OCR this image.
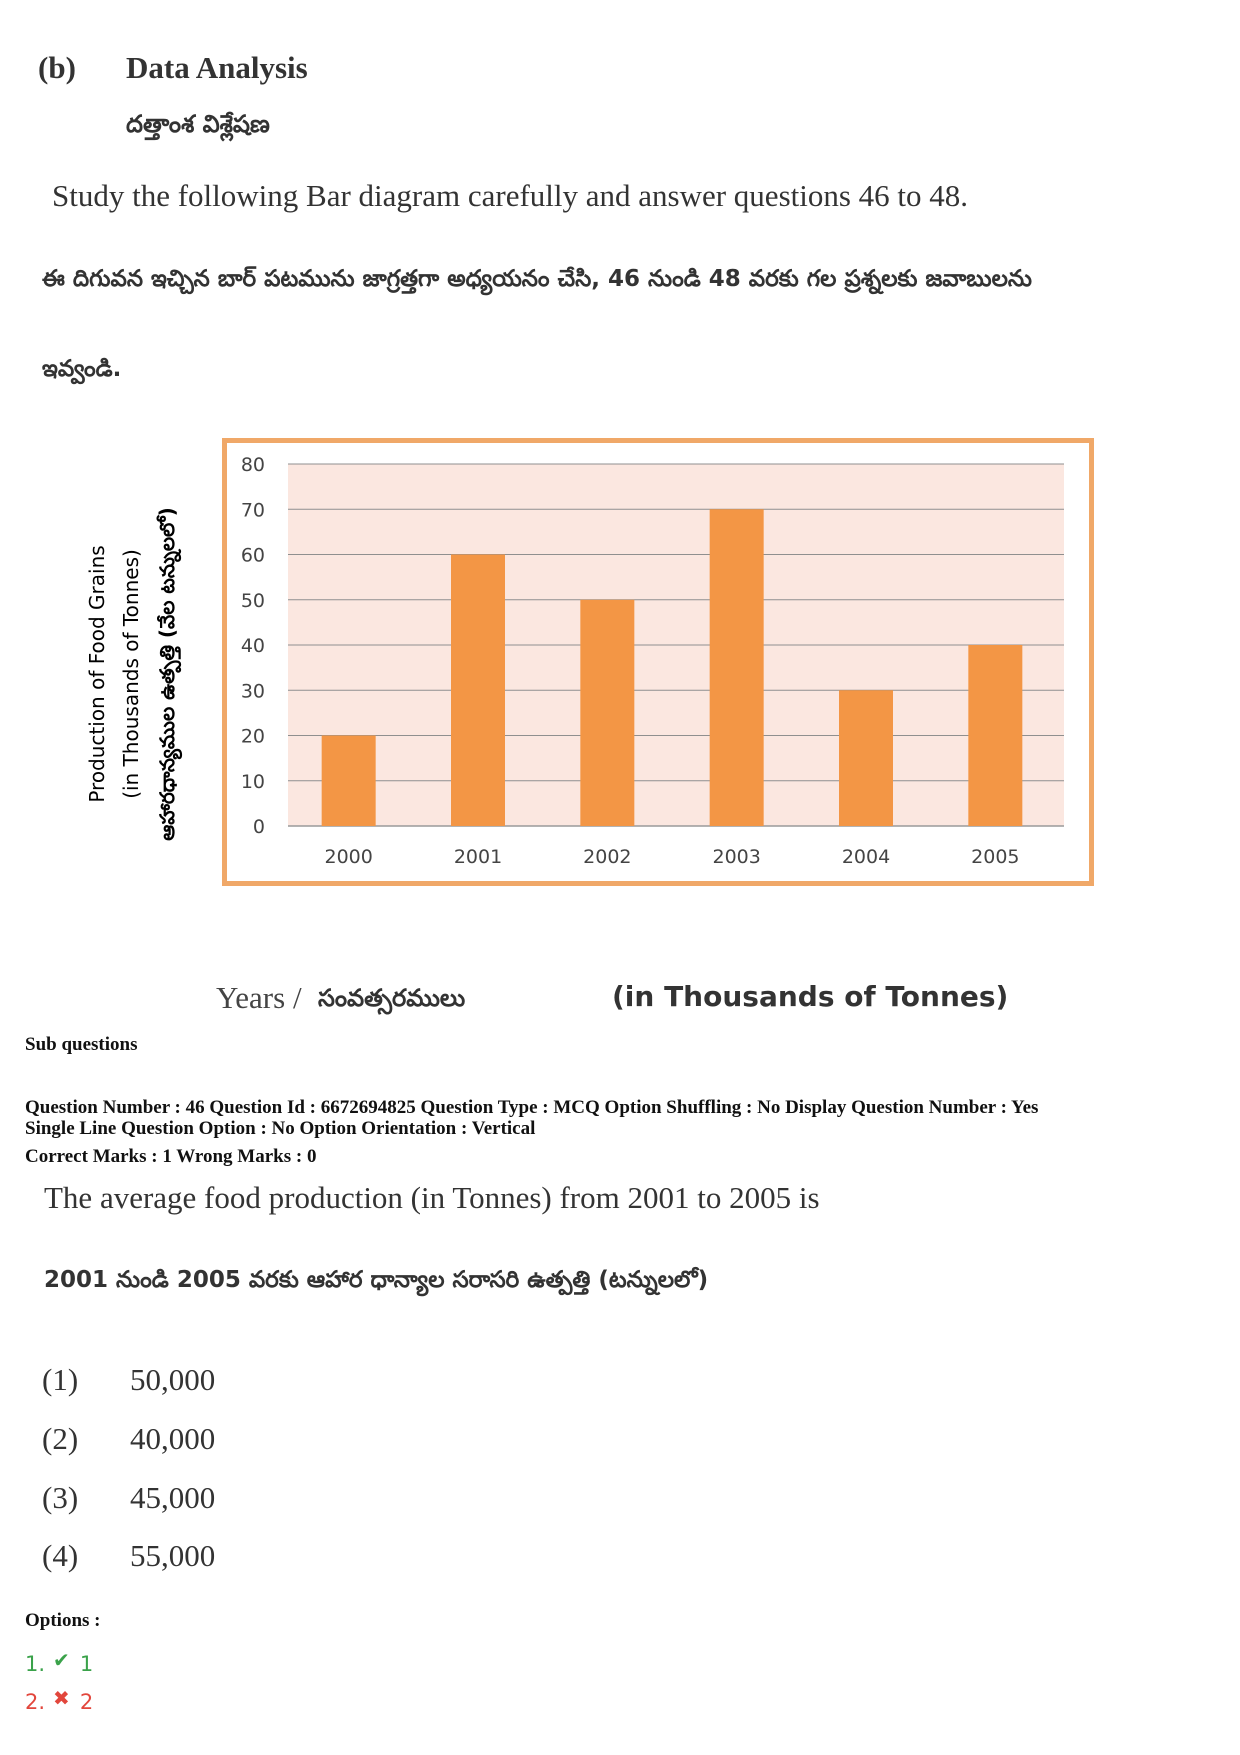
(b) Data Analysis
దత్తాంశ విశ్లేషణ
Study the following Bar diagram carefully and answer questions 46 to 48.
ఈ దిగువన ఇచ్చిన బార్ పటమును జాగ్రత్తగా అధ్యయనం చేసి, 46 నుండి 48 వరకు గల ప్రశ్నలకు జవాబులను
ఇవ్వండి.
0
10
20
30
40
50
60
70
80
2000	2001	2002	2003	2004	2005
Production of Food Grains (in Thousands of Tonnes) ఆహారధాన్యముల ఉత్పత్తి (వేల టన్నులలో)
Years / సంవత్సరములు	(in Thousands of Tonnes)
Sub questions
Question Number : 46 Question Id : 6672694825 Question Type : MCQ Option Shuffling : No Display Question Number : Yes
Single Line Question Option : No Option Orientation : Vertical
Correct Marks : 1 Wrong Marks : 0
The average food production (in Tonnes) from 2001 to 2005 is
2001 నుండి 2005 వరకు ఆహార ధాన్యాల సరాసరి ఉత్పత్తి (టన్నులలో)
(1) 50,000
(2) 40,000
(3) 45,000
(4) 55,000
Options :
1. ✔ 1
2. ✖ 2
